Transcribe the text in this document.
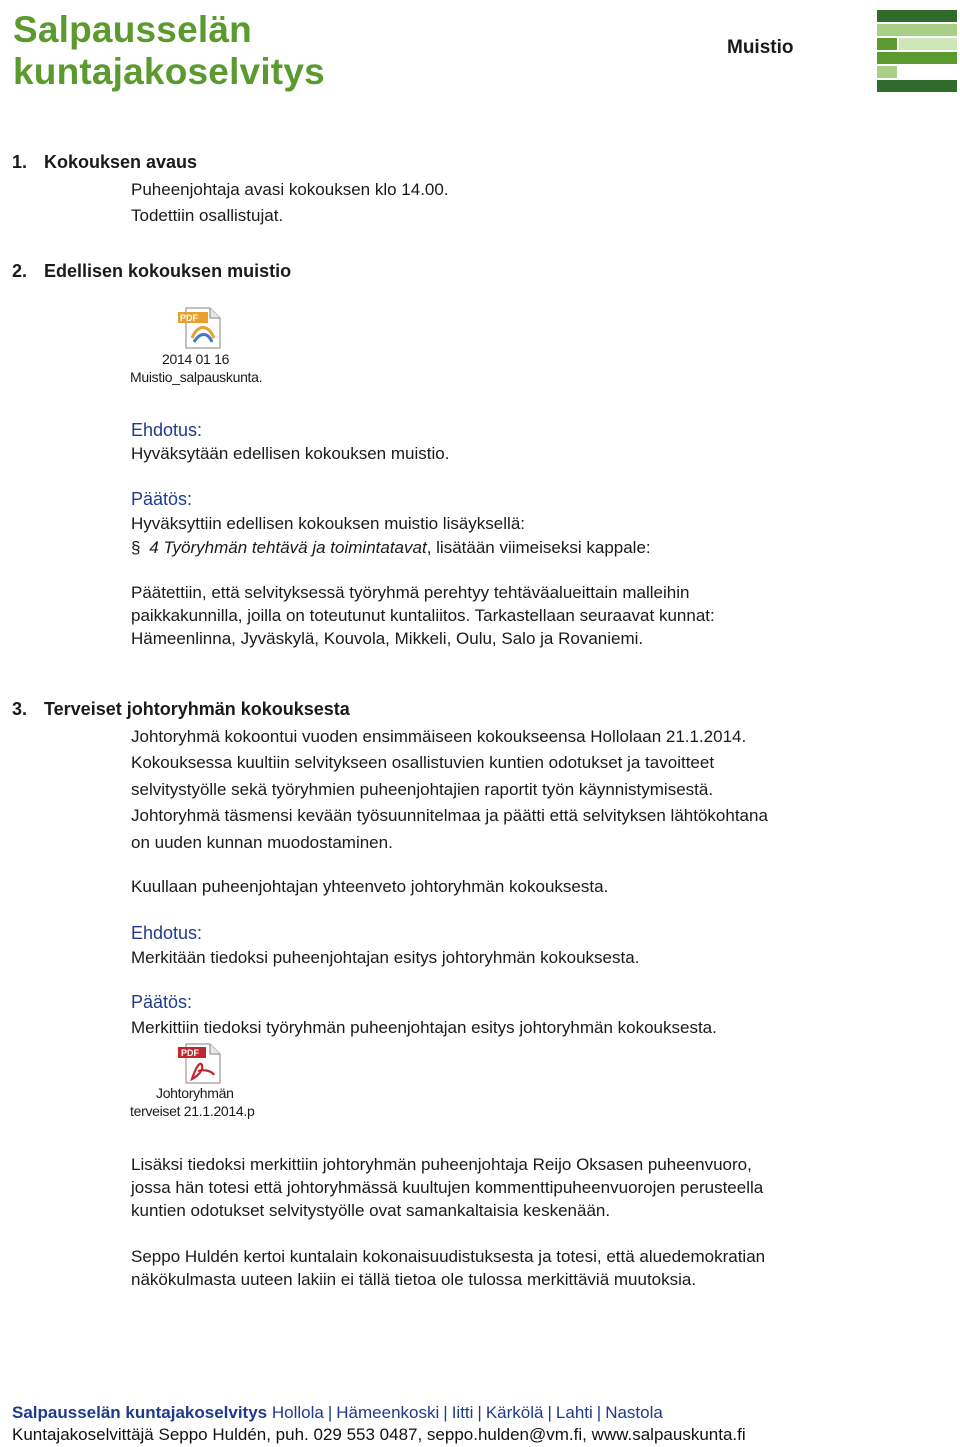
Salpausselän
kuntajakoselvitys
Muistio
1. Kokouksen avaus
Puheenjohtaja avasi kokouksen klo 14.00.
Todettiin osallistujat.
2. Edellisen kokouksen muistio
PDF
2014 01 16
Muistio_salpauskunta.
Ehdotus:
Hyväksytään edellisen kokouksen muistio.
Päätös:
Hyväksyttiin edellisen kokouksen muistio lisäyksellä:
§ 4 Työryhmän tehtävä ja toimintatavat, lisätään viimeiseksi kappale:
Päätettiin, että selvityksessä työryhmä perehtyy tehtäväalueittain malleihin
paikkakunnilla, joilla on toteutunut kuntaliitos. Tarkastellaan seuraavat kunnat:
Hämeenlinna, Jyväskylä, Kouvola, Mikkeli, Oulu, Salo ja Rovaniemi.
3. Terveiset johtoryhmän kokouksesta
Johtoryhmä kokoontui vuoden ensimmäiseen kokoukseensa Hollolaan 21.1.2014.
Kokouksessa kuultiin selvitykseen osallistuvien kuntien odotukset ja tavoitteet
selvitystyölle sekä työryhmien puheenjohtajien raportit työn käynnistymisestä.
Johtoryhmä täsmensi kevään työsuunnitelmaa ja päätti että selvityksen lähtökohtana
on uuden kunnan muodostaminen.
Kuullaan puheenjohtajan yhteenveto johtoryhmän kokouksesta.
Ehdotus:
Merkitään tiedoksi puheenjohtajan esitys johtoryhmän kokouksesta.
Päätös:
Merkittiin tiedoksi työryhmän puheenjohtajan esitys johtoryhmän kokouksesta.
PDF
Johtoryhmän
terveiset 21.1.2014.p
Lisäksi tiedoksi merkittiin johtoryhmän puheenjohtaja Reijo Oksasen puheenvuoro,
jossa hän totesi että johtoryhmässä kuultujen kommenttipuheenvuorojen perusteella
kuntien odotukset selvitystyölle ovat samankaltaisia keskenään.
Seppo Huldén kertoi kuntalain kokonaisuudistuksesta ja totesi, että aluedemokratian
näkökulmasta uuteen lakiin ei tällä tietoa ole tulossa merkittäviä muutoksia.
Salpausselän kuntajakoselvitys Hollola | Hämeenkoski | Iitti | Kärkölä | Lahti | Nastola
Kuntajakoselvittäjä Seppo Huldén, puh. 029 553 0487, seppo.hulden@vm.fi, www.salpauskunta.fi
